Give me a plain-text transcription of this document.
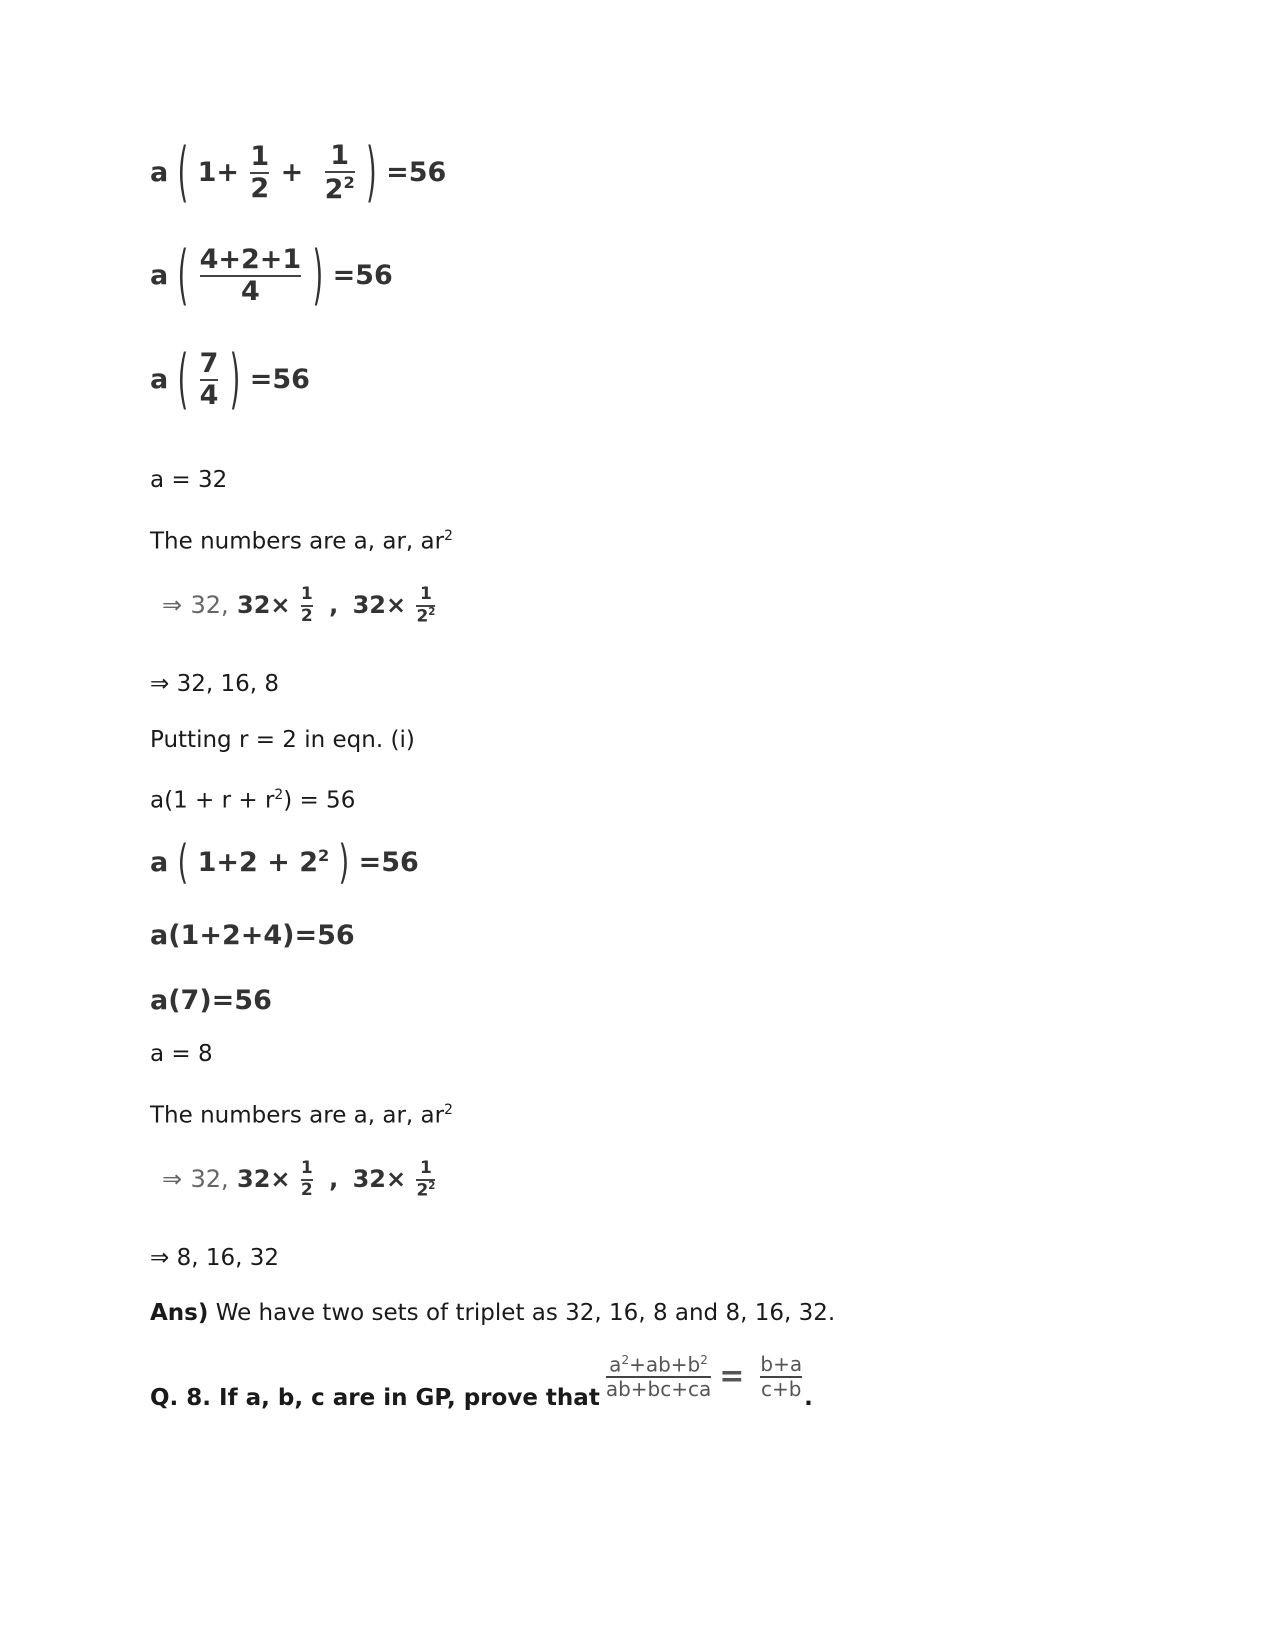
a ( $1+ \frac{1}{2} + \frac{1}{2^2}$ ) =56
a ( $\frac{4+2+1}{4}$ ) =56
a ( $\frac{7}{4}$ ) =56
a = 32
The numbers are a, ar, $ar^2$
⇒ 32, $32\times \frac{1}{2}$ , $32\times \frac{1}{2^2}$
⇒ 32, 16, 8
Putting r = 2 in eqn. (i)
$a(1 + r + r^2) = 56$
a ( $1+2 + 2^2$ ) =56
a(1+2+4)=56
a(7)=56
a = 8
The numbers are a, ar, $ar^2$
⇒ 32, $32\times \frac{1}{2}$ , $32\times \frac{1}{2^2}$
⇒ 8, 16, 32
Ans) We have two sets of triplet as 32, 16, 8 and 8, 16, 32.
Q. 8. If a, b, c are in GP, prove that $\frac{a^2+ab+b^2}{ab+bc+ca} = \frac{b+a}{c+b}$ .
